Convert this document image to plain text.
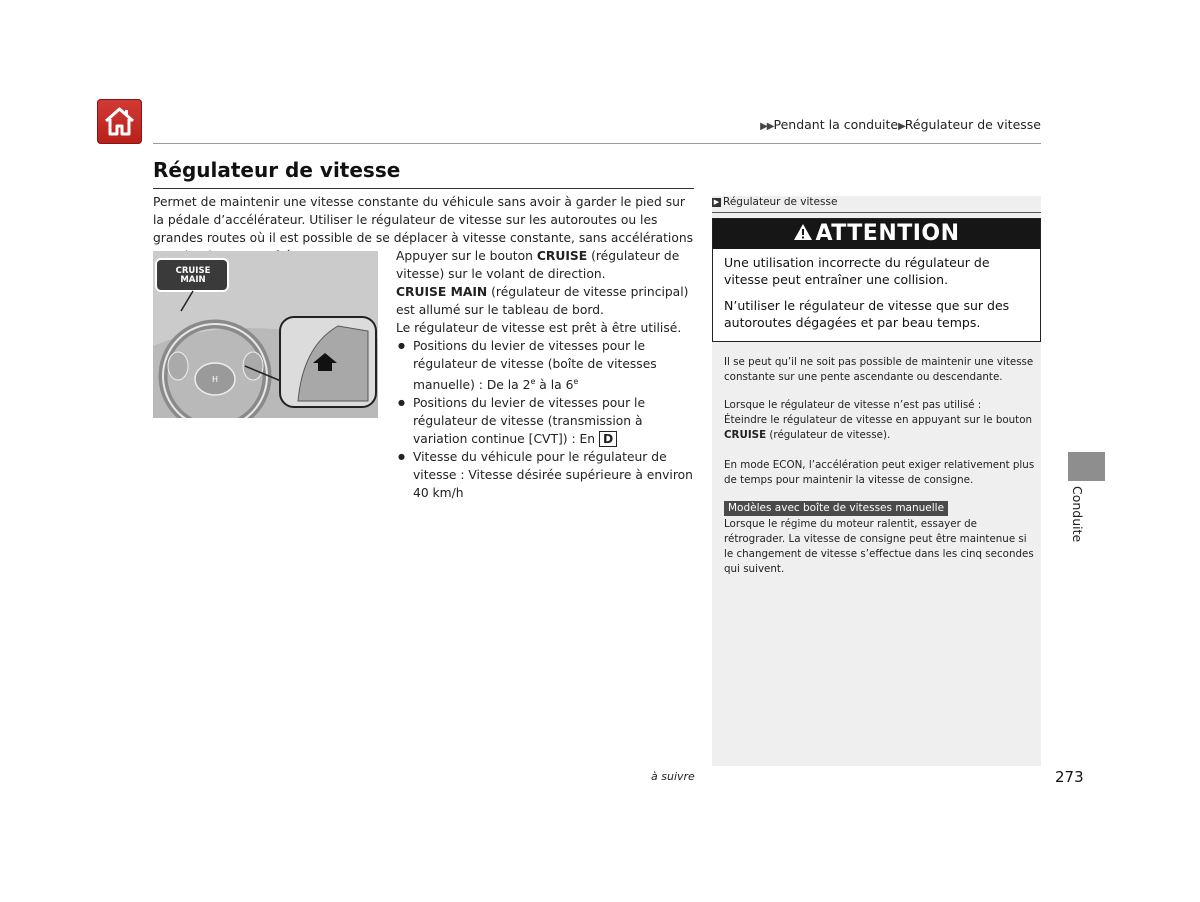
▶▶Pendant la conduite▶Régulateur de vitesse
Régulateur de vitesse
Permet de maintenir une vitesse constante du véhicule sans avoir à garder le pied sur la pédale d’accélérateur. Utiliser le régulateur de vitesse sur les autoroutes ou les grandes routes où il est possible de se déplacer à vitesse constante, sans accélérations
H
CRUISE
MAIN

Appuyer sur le bouton CRUISE (régulateur de vitesse) sur le volant de direction.

CRUISE MAIN (régulateur de vitesse principal) est allumé sur le tableau de bord.

Le régulateur de vitesse est prêt à être utilisé.

● Positions du levier de vitesses pour le régulateur de vitesse (boîte de vitesses manuelle) : De la 2e à la 6e
● Positions du levier de vitesses pour le régulateur de vitesse (transmission à variation continue [CVT]) : En D
● Vitesse du véhicule pour le régulateur de vitesse : Vitesse désirée supérieure à environ 40 km/h
▶ Régulateur de vitesse
ATTENTION

Une utilisation incorrecte du régulateur de vitesse peut entraîner une collision.

N’utiliser le régulateur de vitesse que sur des autoroutes dégagées et par beau temps.

Il se peut qu’il ne soit pas possible de maintenir une vitesse constante sur une pente ascendante ou descendante.

Lorsque le régulateur de vitesse n’est pas utilisé :

Éteindre le régulateur de vitesse en appuyant sur le bouton CRUISE (régulateur de vitesse).

En mode ECON, l’accélération peut exiger relativement plus de temps pour maintenir la vitesse de consigne.

Modèles avec boîte de vitesses manuelle

Lorsque le régime du moteur ralentit, essayer de rétrograder. La vitesse de consigne peut être maintenue si le changement de vitesse s’effectue dans les cinq secondes qui suivent.

Conduite
à suivre	273
